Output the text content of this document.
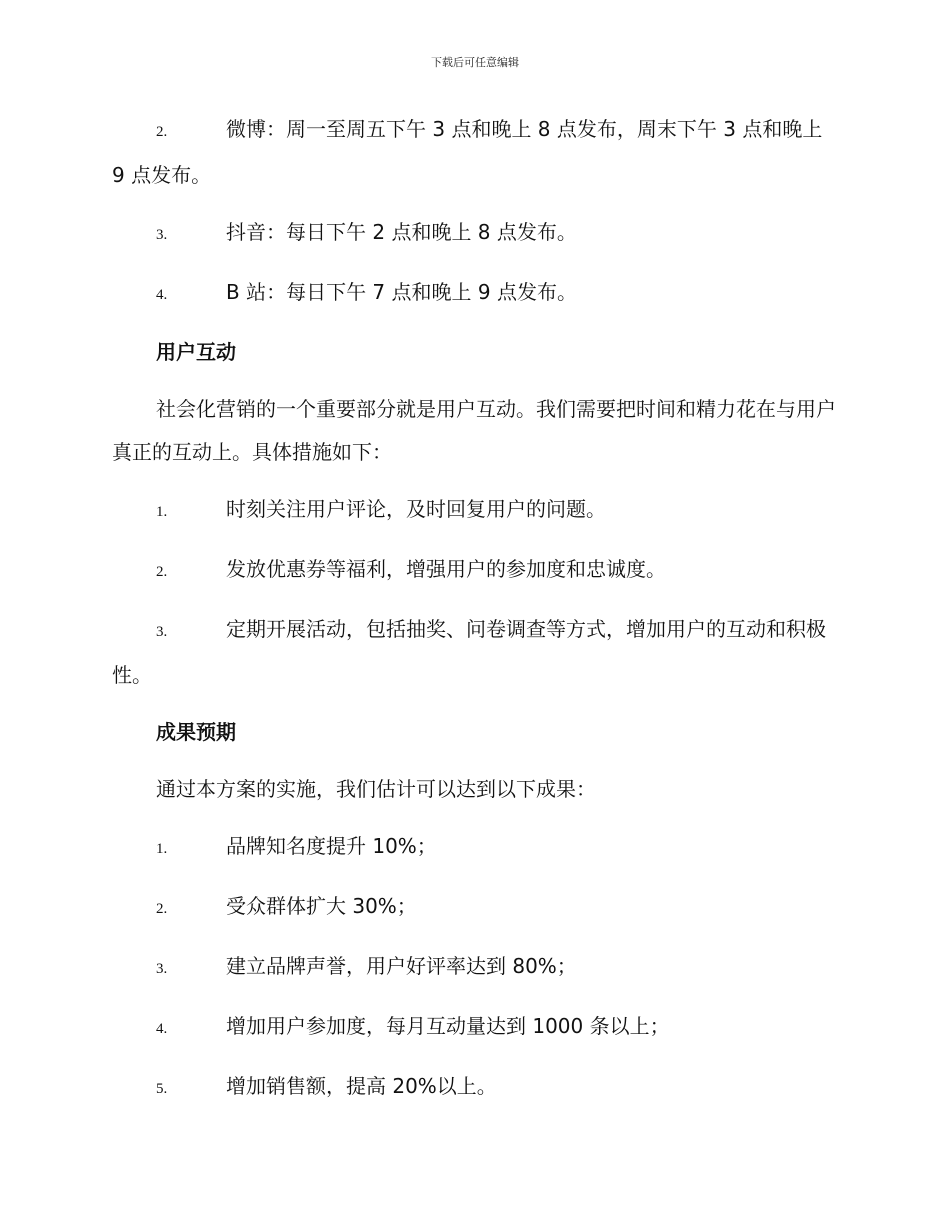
下载后可任意编辑
2.	微博：周一至周五下午 3 点和晚上 8 点发布，周末下午 3 点和晚上 9 点发布。
3.	抖音：每日下午 2 点和晚上 8 点发布。
4.	B 站：每日下午 7 点和晚上 9 点发布。
用户互动
社会化营销的一个重要部分就是用户互动。我们需要把时间和精力花在与用户真正的互动上。具体措施如下：
1.	时刻关注用户评论，及时回复用户的问题。
2.	发放优惠券等福利，增强用户的参加度和忠诚度。
3.	定期开展活动，包括抽奖、问卷调查等方式，增加用户的互动和积极性。
成果预期
通过本方案的实施，我们估计可以达到以下成果：
1.	品牌知名度提升 10%；
2.	受众群体扩大 30%；
3.	建立品牌声誉，用户好评率达到 80%；
4.	增加用户参加度，每月互动量达到 1000 条以上；
5.	增加销售额，提高 20%以上。
